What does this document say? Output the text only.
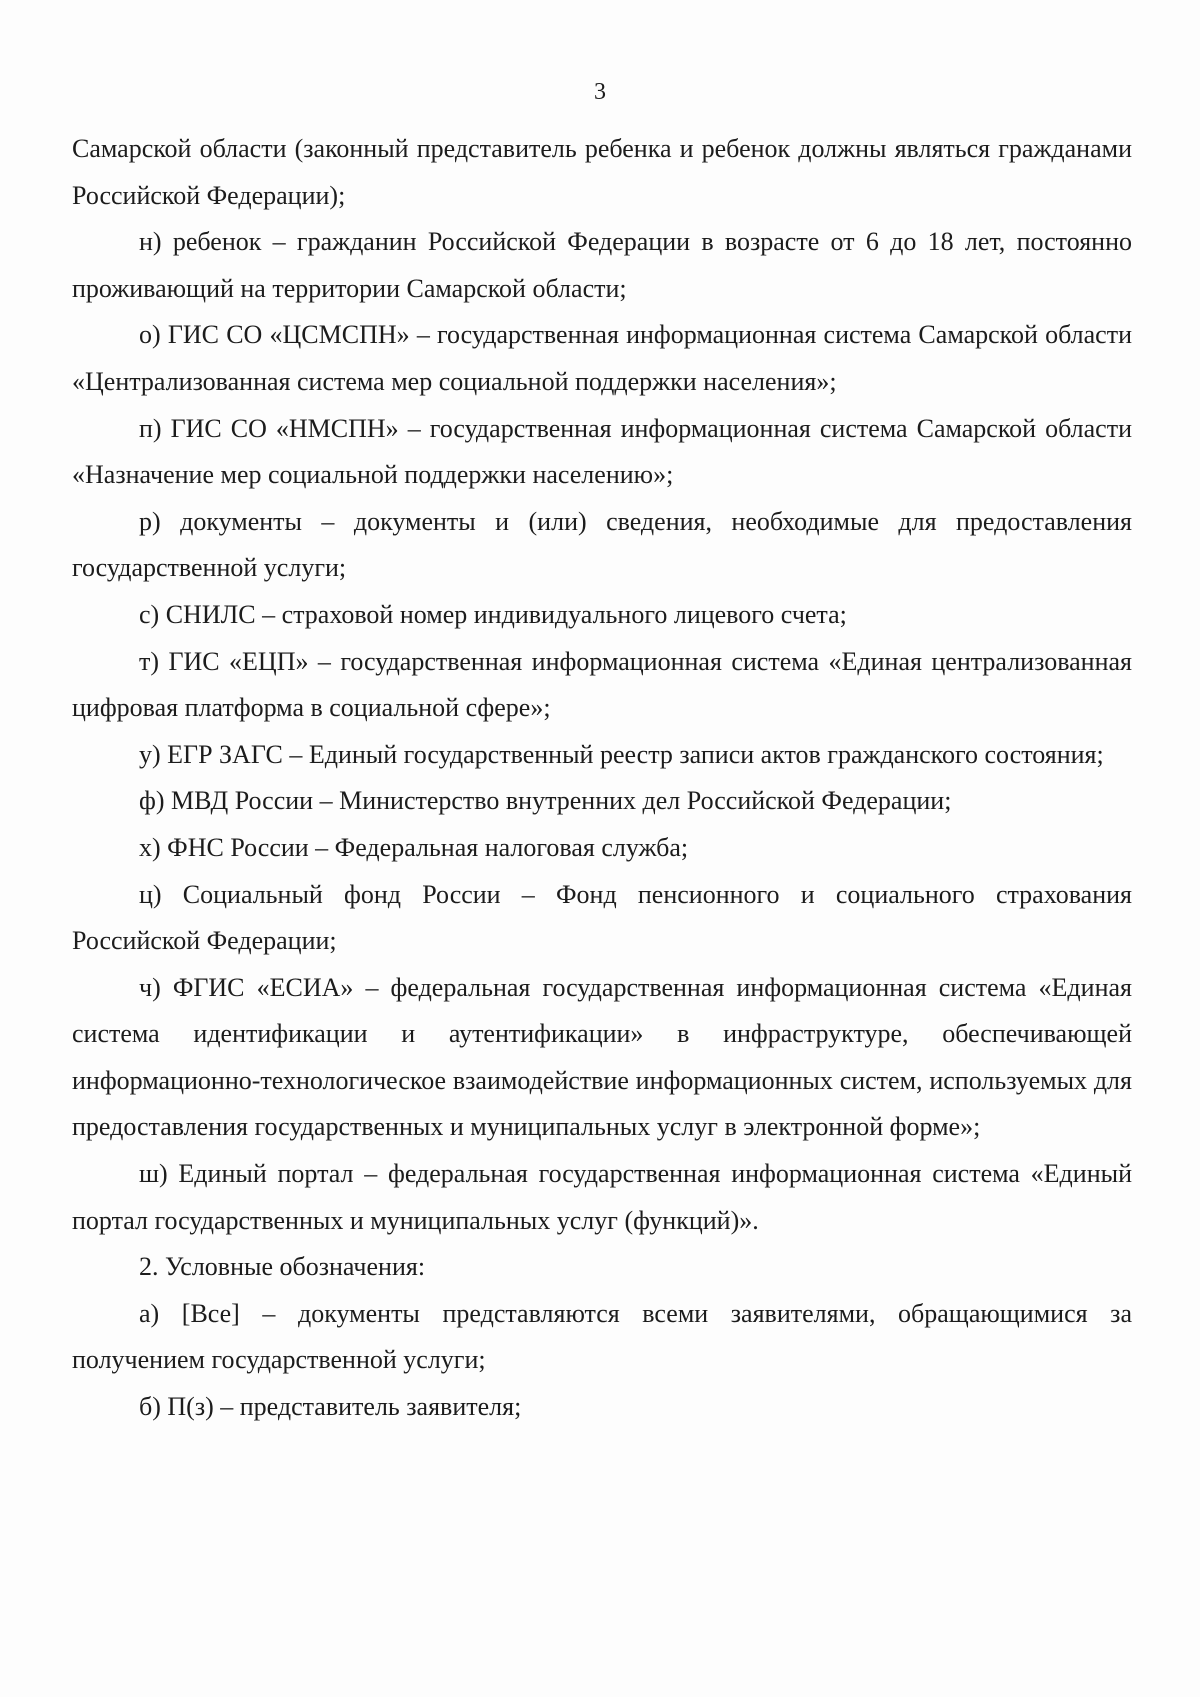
3

Самарской области (законный представитель ребенка и ребенок должны являться гражданами Российской Федерации);

н) ребенок – гражданин Российской Федерации в возрасте от 6 до 18 лет, постоянно проживающий на территории Самарской области;

о) ГИС СО «ЦСМСПН» – государственная информационная система Самарской области «Централизованная система мер социальной поддержки населения»;

п) ГИС СО «НМСПН» – государственная информационная система Самарской области «Назначение мер социальной поддержки населению»;

р) документы – документы и (или) сведения, необходимые для предоставления государственной услуги;

с) СНИЛС – страховой номер индивидуального лицевого счета;

т) ГИС «ЕЦП» – государственная информационная система «Единая централизованная цифровая платформа в социальной сфере»;

у) ЕГР ЗАГС – Единый государственный реестр записи актов гражданского состояния;

ф) МВД России – Министерство внутренних дел Российской Федерации;

х) ФНС России – Федеральная налоговая служба;

ц) Социальный фонд России – Фонд пенсионного и социального страхования Российской Федерации;

ч) ФГИС «ЕСИА» – федеральная государственная информационная система «Единая система идентификации и аутентификации» в инфраструктуре, обеспечивающей информационно-технологическое взаимодействие информационных систем, используемых для предоставления государственных и муниципальных услуг в электронной форме»;

ш) Единый портал – федеральная государственная информационная система «Единый портал государственных и муниципальных услуг (функций)».

2. Условные обозначения:

а) [Все] – документы представляются всеми заявителями, обращающимися за получением государственной услуги;

б) П(з) – представитель заявителя;
